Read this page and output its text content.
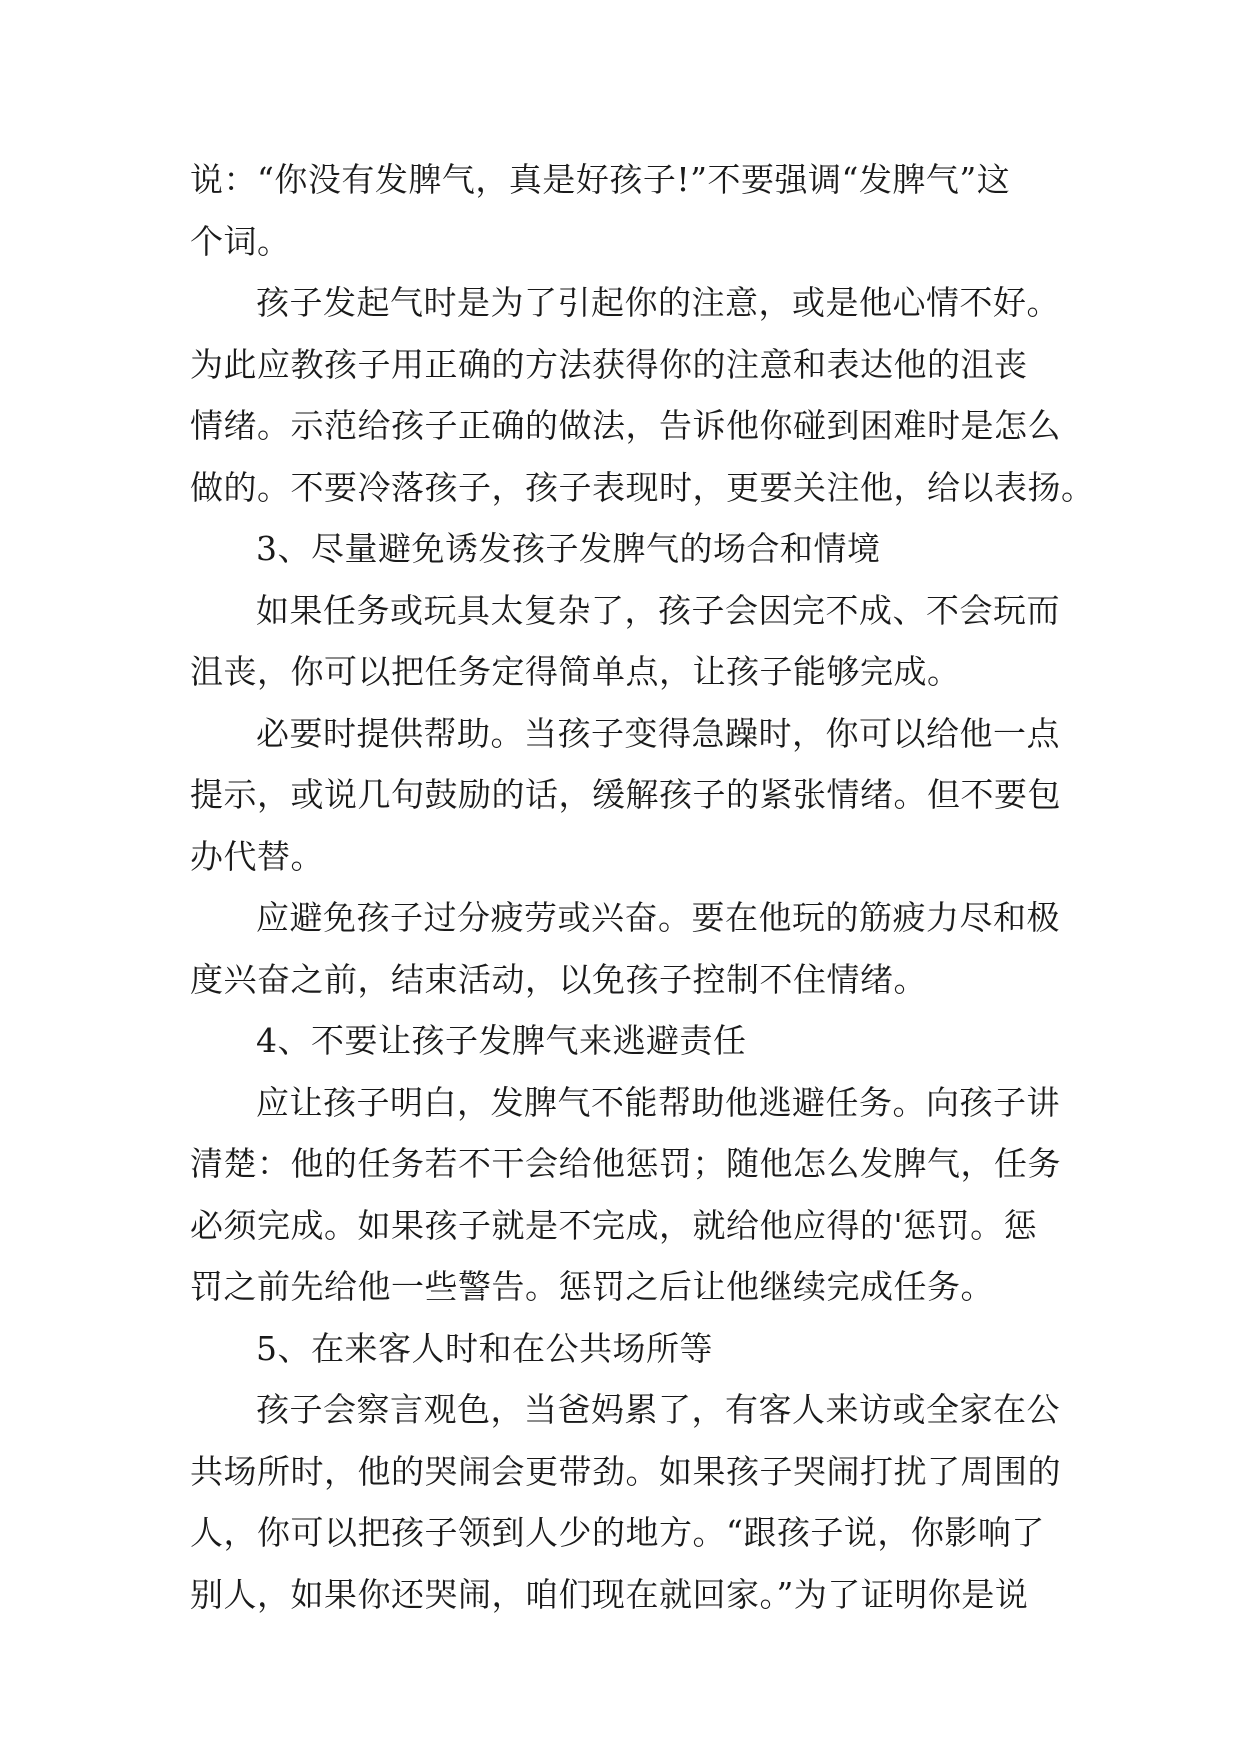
说：“你没有发脾气，真是好孩子!”不要强调“发脾气”这
个词。
孩子发起气时是为了引起你的注意，或是他心情不好。
为此应教孩子用正确的方法获得你的注意和表达他的沮丧
情绪。示范给孩子正确的做法，告诉他你碰到困难时是怎么
做的。不要冷落孩子，孩子表现时，更要关注他，给以表扬。
3、尽量避免诱发孩子发脾气的场合和情境
如果任务或玩具太复杂了，孩子会因完不成、不会玩而
沮丧，你可以把任务定得简单点，让孩子能够完成。
必要时提供帮助。当孩子变得急躁时，你可以给他一点
提示，或说几句鼓励的话，缓解孩子的紧张情绪。但不要包
办代替。
应避免孩子过分疲劳或兴奋。要在他玩的筋疲力尽和极
度兴奋之前，结束活动，以免孩子控制不住情绪。
4、不要让孩子发脾气来逃避责任
应让孩子明白，发脾气不能帮助他逃避任务。向孩子讲
清楚：他的任务若不干会给他惩罚；随他怎么发脾气，任务
必须完成。如果孩子就是不完成，就给他应得的'惩罚。惩
罚之前先给他一些警告。惩罚之后让他继续完成任务。
5、在来客人时和在公共场所等
孩子会察言观色，当爸妈累了，有客人来访或全家在公
共场所时，他的哭闹会更带劲。如果孩子哭闹打扰了周围的
人，你可以把孩子领到人少的地方。“跟孩子说，你影响了
别人，如果你还哭闹，咱们现在就回家。”为了证明你是说
